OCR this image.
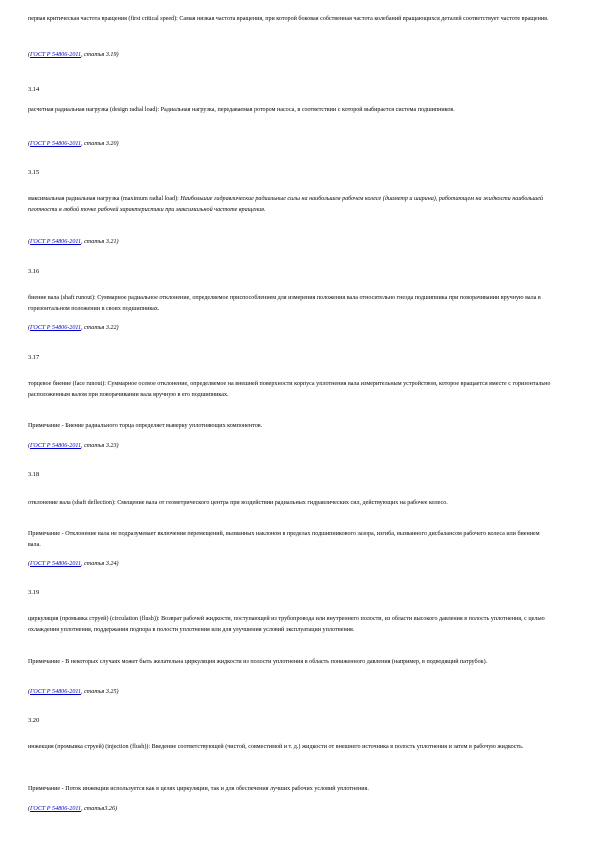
первая критическая частота вращения (first critical speed): Самая низкая частота вращения, при которой боковая собственная частота колебаний вращающихся деталей соответствует частоте вращения.

(ГОСТ Р 54806-2011, статья 3.19)

3.14

расчетная радиальная нагрузка (design radial load): Радиальная нагрузка, передаваемая ротором насоса, в соответствии с которой выбирается система подшипников.

(ГОСТ Р 54806-2011, статья 3.20)

3.15

максимальная радиальная нагрузка (maximum radial load): Наибольшие гидравлические радиальные силы на наибольшем рабочем колесе (диаметр и ширина), работающем на жидкости наибольшей плотности в любой точке рабочей характеристики при максимальной частоте вращения.

(ГОСТ Р 54806-2011, статья 3.21)

3.16

биение вала (shaft runout): Суммарное радиальное отклонение, определяемое приспособлением для измерения положения вала относительно гнезда подшипника при поворачивании вручную вала в горизонтальном положении в своих подшипниках.

(ГОСТ Р 54806-2011, статья 3.22)

3.17

торцевое биение (face runout): Суммарное осевое отклонение, определяемое на внешней поверхности корпуса уплотнения вала измерительным устройством, которое вращается вместе с горизонтально расположенным валом при поворачивании вала вручную в его подшипниках.

Примечание - Биение радиального торца определяет выверку уплотняющих компонентов.

(ГОСТ Р 54806-2011, статья 3.23)

3.18

отклонение вала (shaft deflection): Смещение вала от геометрического центра при воздействии радиальных гидравлических сил, действующих на рабочее колесо.

Примечание - Отклонение вала не подразумевает включения перемещений, вызванных наклоном в пределах подшипникового зазора, изгиба, вызванного дисбалансом рабочего колеса или биением вала.

(ГОСТ Р 54806-2011, статья 3.24)

3.19

циркуляция (промывка струей) (circulation (flush)): Возврат рабочей жидкости, поступающей из трубопровода или внутреннего полости, из области высокого давления в полость уплотнения, с целью охлаждения уплотнения, поддержания подпора в полости уплотнения или для улучшения условий эксплуатации уплотнения.

Примечание - В некоторых случаях может быть желательна циркуляция жидкости из полости уплотнения в область пониженного давления (например, в подводящий патрубок).

(ГОСТ Р 54806-2011, статья 3.25)

3.20

инжекция (промывка струей) (injection (flush)): Введение соответствующей (чистой, совместимой и т. д.) жидкости от внешнего источника в полость уплотнения и затем в рабочую жидкость.

Примечание - Поток инжекции используется как в целях циркуляции, так и для обеспечения лучших рабочих условий уплотнения.

(ГОСТ Р 54806-2011, статья3.26)
